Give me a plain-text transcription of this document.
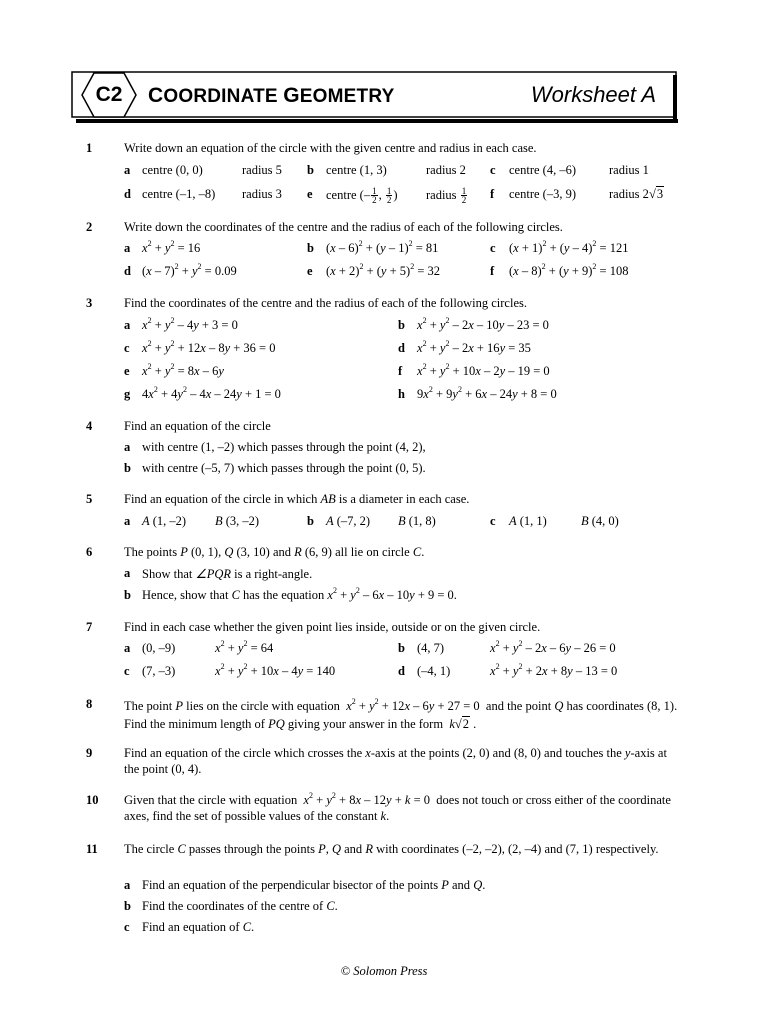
C2	COORDINATE GEOMETRY	Worksheet A
1	Write down an equation of the circle with the given centre and radius in each case.
a centre (0, 0)	radius 5 b centre (1, 3)	radius 2 c centre (4, –6)	radius 1
d centre (–1, –8) radius 3 e centre (– $\frac{1}{2}$ , $\frac{1}{2}$ ) radius $\frac{1}{2}$ f centre (–3, 9)	radius 2√3
2	Write down the coordinates of the centre and the radius of each of the following circles.
a $x^2 + y^2 = 16$	b (x – 6)$^2$ + (y – 1)$^2$ = 81	c $(x + 1)^2 + (y - 4)^2 = 121$
d $(x - 7)^2 + y^2 = 0.09$	e $(x + 2)^2 + (y + 5)^2 = 32$	f $(x - 8)^2 + (y + 9)^2 = 108$
3	Find the coordinates of the centre and the radius of each of the following circles.
a $x^2 + y^2 - 4y + 3 = 0$	b $x^2 + y^2 - 2x - 10y - 23 = 0$
c $x^2 + y^2 + 12x - 8y + 36 = 0$	d $x^2 + y^2 - 2x + 16y = 35$
e $x^2 + y^2 = 8x - 6y$	f $x^2 + y^2 + 10x - 2y - 19 = 0$
g $4x^2 + 4y^2 - 4x - 24y + 1 = 0$	h $9x^2 + 9y^2 + 6x - 24y + 8 = 0$
4	Find an equation of the circle
a with centre (1, –2) which passes through the point (4, 2),
b with centre (–5, 7) which passes through the point (0, 5).
5	Find an equation of the circle in which AB is a diameter in each case.
a A (1, –2) B (3, –2)	b A (–7, 2) B (1, 8)	c A (1, 1)	B (4, 0)
6	The points P (0, 1), Q (3, 10) and R (6, 9) all lie on circle C.
a Show that ∠PQR is a right-angle.
b Hence, show that C has the equation $x^2 + y^2 - 6x - 10y + 9 = 0$.
7	Find in each case whether the given point lies inside, outside or on the given circle.
a (0, –9)	$x^2 + y^2 = 64$	b (4, 7)	$x^2 + y^2 - 2x - 6y - 26 = 0$
c (7, –3)	$x^2 + y^2 + 10x - 4y = 140$	d (–4, 1)	$x^2 + y^2 + 2x + 8y - 13 = 0$
8	The point P lies on the circle with equation  $x^2 + y^2 + 12x - 6y + 27 = 0$  and the point Q has coordinates (8, 1). Find the minimum length of PQ giving your answer in the form  k√2 .
9	Find an equation of the circle which crosses the x-axis at the points (2, 0) and (8, 0) and touches the y-axis at the point (0, 4).
10	Given that the circle with equation  $x^2 + y^2 + 8x - 12y + k = 0$  does not touch or cross either of the coordinate axes, find the set of possible values of the constant k.
11	The circle C passes through the points P, Q and R with coordinates (–2, –2), (2, –4) and (7, 1) respectively.
a Find an equation of the perpendicular bisector of the points P and Q.
b Find the coordinates of the centre of C.
c Find an equation of C.
© Solomon Press
